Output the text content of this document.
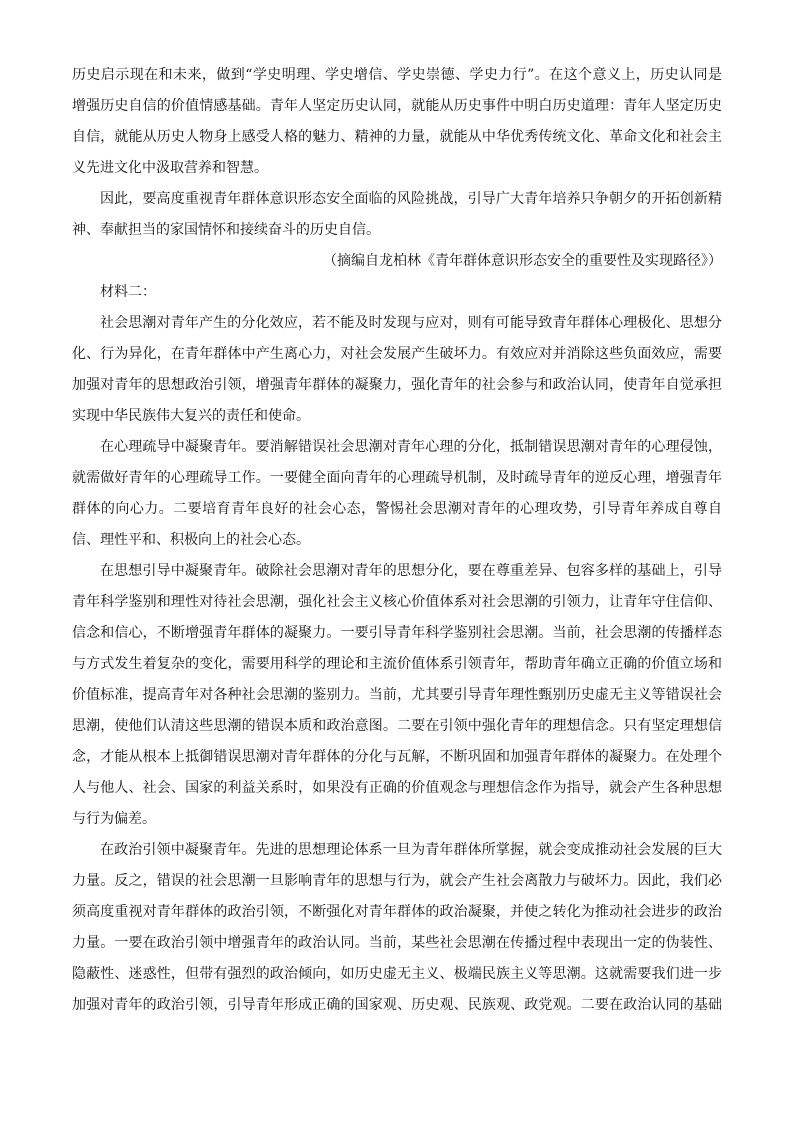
历史启示现在和未来，做到“学史明理、学史增信、学史崇德、学史力行”。在这个意义上，历史认同是
增强历史自信的价值情感基础。青年人坚定历史认同，就能从历史事件中明白历史道理：青年人坚定历史
自信，就能从历史人物身上感受人格的魅力、精神的力量，就能从中华优秀传统文化、革命文化和社会主
义先进文化中汲取营养和智慧。
因此，要高度重视青年群体意识形态安全面临的风险挑战，引导广大青年培养只争朝夕的开拓创新精
神、奉献担当的家国情怀和接续奋斗的历史自信。
（摘编自龙柏林《青年群体意识形态安全的重要性及实现路径》）
材料二：
社会思潮对青年产生的分化效应，若不能及时发现与应对，则有可能导致青年群体心理极化、思想分
化、行为异化，在青年群体中产生离心力，对社会发展产生破坏力。有效应对并消除这些负面效应，需要
加强对青年的思想政治引领，增强青年群体的凝聚力，强化青年的社会参与和政治认同，使青年自觉承担
实现中华民族伟大复兴的责任和使命。
在心理疏导中凝聚青年。要消解错误社会思潮对青年心理的分化，抵制错误思潮对青年的心理侵蚀，
就需做好青年的心理疏导工作。一要健全面向青年的心理疏导机制，及时疏导青年的逆反心理，增强青年
群体的向心力。二要培育青年良好的社会心态，警惕社会思潮对青年的心理攻势，引导青年养成自尊自
信、理性平和、积极向上的社会心态。
在思想引导中凝聚青年。破除社会思潮对青年的思想分化，要在尊重差异、包容多样的基础上，引导
青年科学鉴别和理性对待社会思潮，强化社会主义核心价值体系对社会思潮的引领力，让青年守住信仰、
信念和信心，不断增强青年群体的凝聚力。一要引导青年科学鉴别社会思潮。当前，社会思潮的传播样态
与方式发生着复杂的变化，需要用科学的理论和主流价值体系引领青年，帮助青年确立正确的价值立场和
价值标准，提高青年对各种社会思潮的鉴别力。当前，尤其要引导青年理性甄别历史虚无主义等错误社会
思潮，使他们认清这些思潮的错误本质和政治意图。二要在引领中强化青年的理想信念。只有坚定理想信
念，才能从根本上抵御错误思潮对青年群体的分化与瓦解，不断巩固和加强青年群体的凝聚力。在处理个
人与他人、社会、国家的利益关系时，如果没有正确的价值观念与理想信念作为指导，就会产生各种思想
与行为偏差。
在政治引领中凝聚青年。先进的思想理论体系一旦为青年群体所掌握，就会变成推动社会发展的巨大
力量。反之，错误的社会思潮一旦影响青年的思想与行为，就会产生社会离散力与破坏力。因此，我们必
须高度重视对青年群体的政治引领，不断强化对青年群体的政治凝聚，并使之转化为推动社会进步的政治
力量。一要在政治引领中增强青年的政治认同。当前，某些社会思潮在传播过程中表现出一定的伪装性、
隐蔽性、迷惑性，但带有强烈的政治倾向，如历史虚无主义、极端民族主义等思潮。这就需要我们进一步
加强对青年的政治引领，引导青年形成正确的国家观、历史观、民族观、政党观。二要在政治认同的基础
